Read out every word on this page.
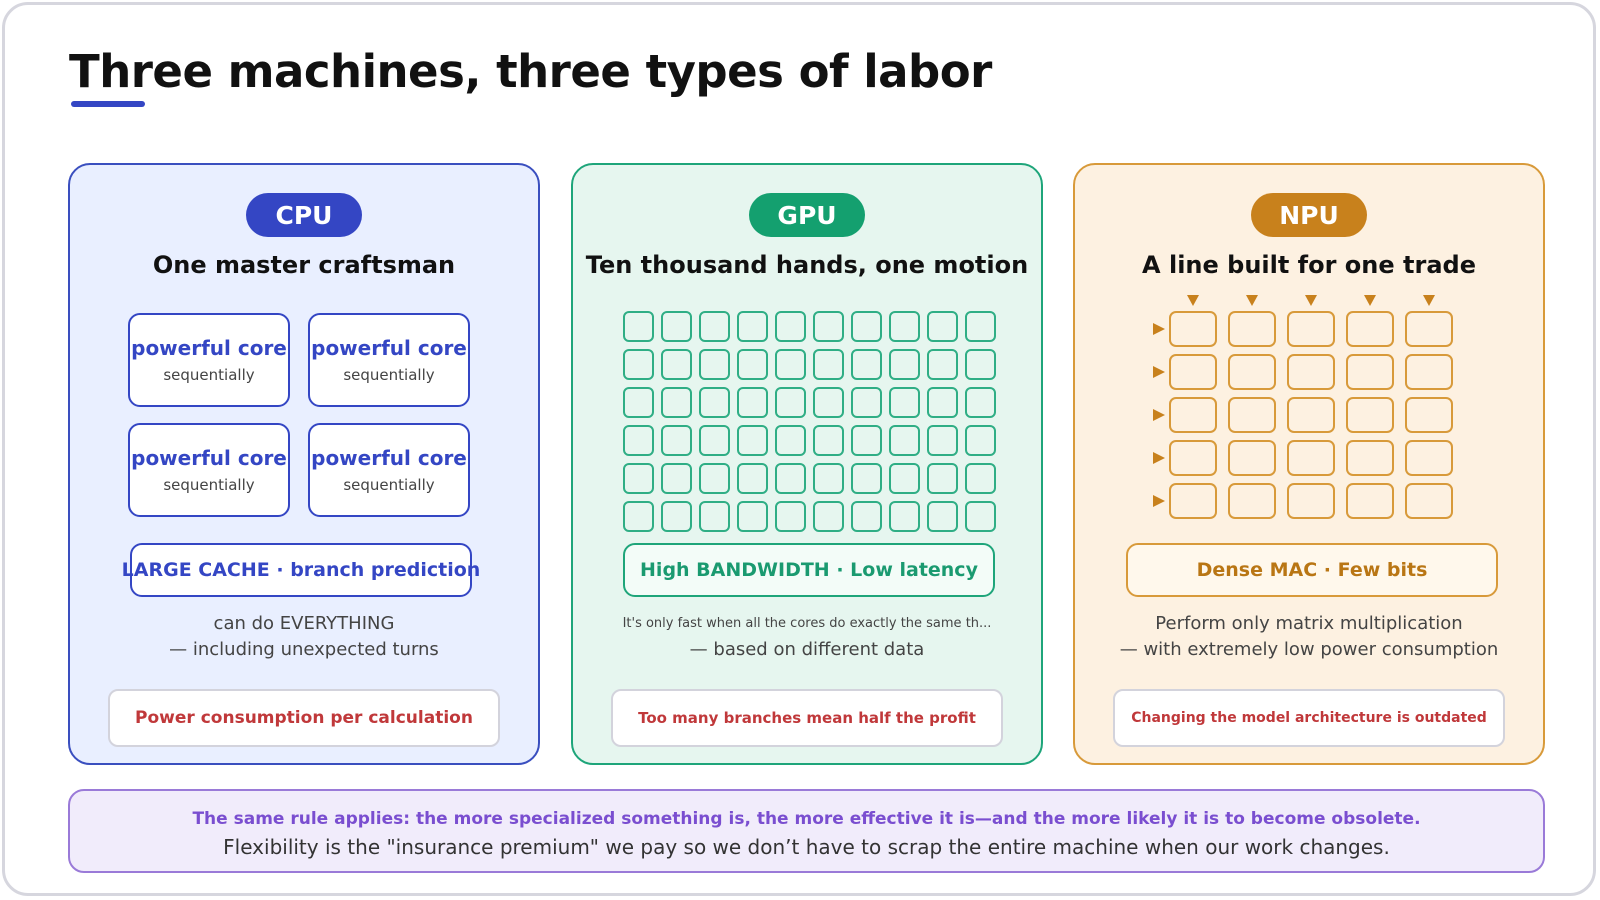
Three machines, three types of labor
CPU
One master craftsman
powerful core
sequentially
powerful core
sequentially
powerful core
sequentially
powerful core
sequentially
LARGE CACHE · branch prediction
can do EVERYTHING
— including unexpected turns
Power consumption per calculation
GPU
Ten thousand hands, one motion
High BANDWIDTH · Low latency
It's only fast when all the cores do exactly the same th...
— based on different data
Too many branches mean half the profit
NPU
A line built for one trade
Dense MAC · Few bits
Perform only matrix multiplication
— with extremely low power consumption
Changing the model architecture is outdated
The same rule applies: the more specialized something is, the more effective it is—and the more likely it is to become obsolete.
Flexibility is the "insurance premium" we pay so we don’t have to scrap the entire machine when our work changes.
